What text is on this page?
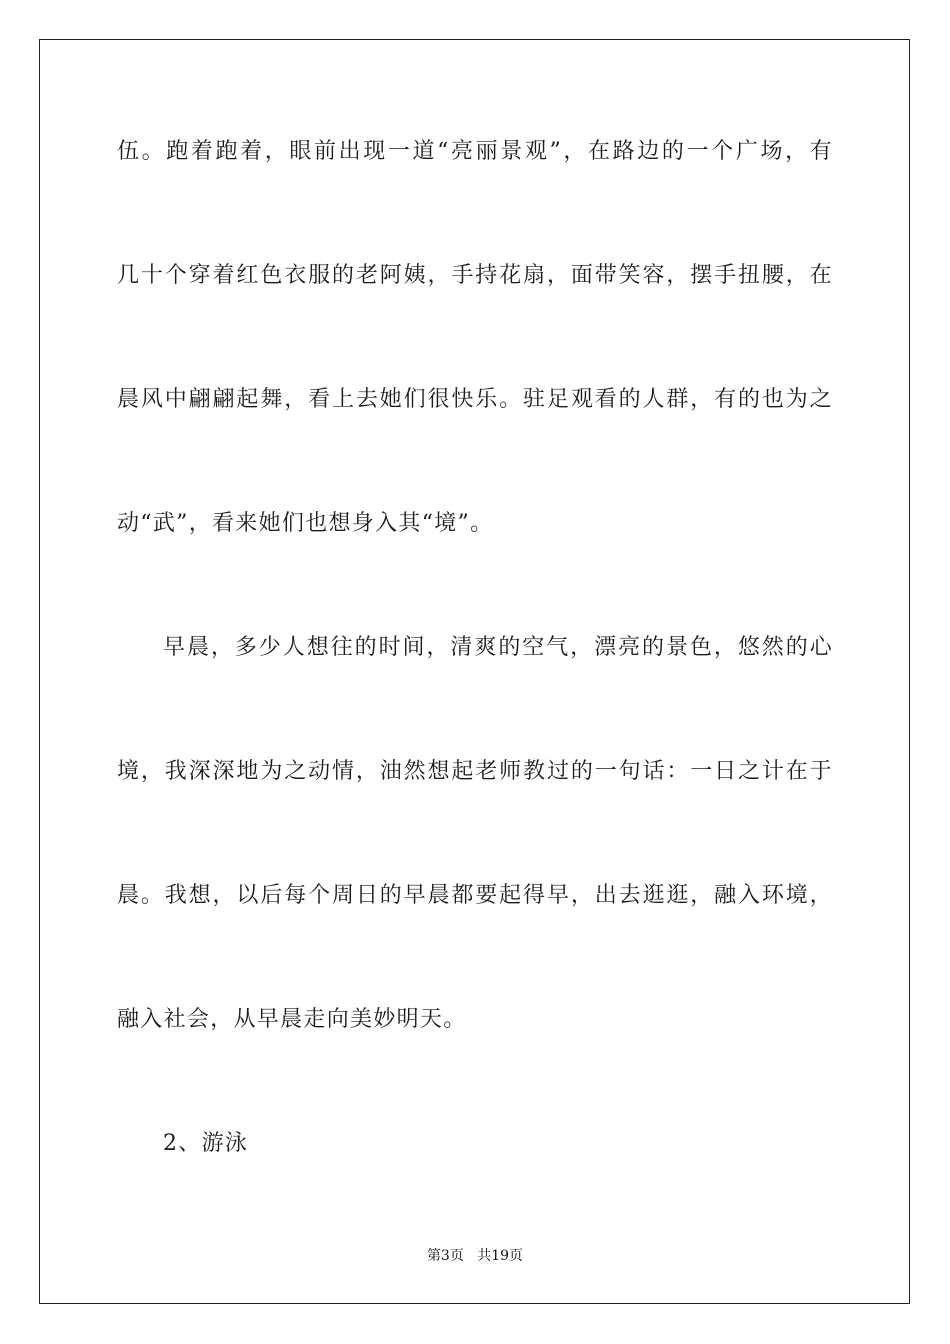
伍。跑着跑着，眼前出现一道“亮丽景观”，在路边的一个广场，有
几十个穿着红色衣服的老阿姨，手持花扇，面带笑容，摆手扭腰，在
晨风中翩翩起舞，看上去她们很快乐。驻足观看的人群，有的也为之
动“武”，看来她们也想身入其“境”。
早晨，多少人想往的时间，清爽的空气，漂亮的景色，悠然的心
境，我深深地为之动情，油然想起老师教过的一句话：一日之计在于
晨。我想，以后每个周日的早晨都要起得早，出去逛逛，融入环境，
融入社会，从早晨走向美妙明天。
2、游泳
第3页 共19页
